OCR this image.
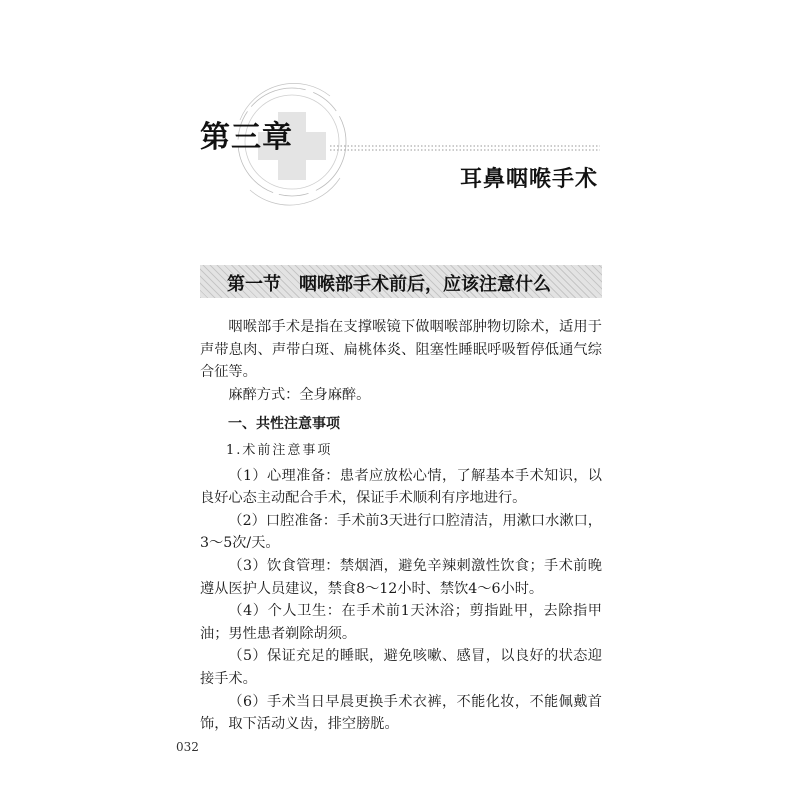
第三章
耳鼻咽喉手术
第一节　咽喉部手术前后，应该注意什么

咽喉部手术是指在支撑喉镜下做咽喉部肿物切除术，适用于声带息肉、声带白斑、扁桃体炎、阻塞性睡眠呼吸暂停低通气综合征等。

麻醉方式：全身麻醉。

一、共性注意事项

1.术前注意事项

（1）心理准备：患者应放松心情，了解基本手术知识，以良好心态主动配合手术，保证手术顺利有序地进行。

（2）口腔准备：手术前3天进行口腔清洁，用漱口水漱口，3～5次/天。

（3）饮食管理：禁烟酒，避免辛辣刺激性饮食；手术前晚遵从医护人员建议，禁食8～12小时、禁饮4～6小时。

（4）个人卫生：在手术前1天沐浴；剪指趾甲，去除指甲油；男性患者剃除胡须。

（5）保证充足的睡眠，避免咳嗽、感冒，以良好的状态迎接手术。

（6）手术当日早晨更换手术衣裤，不能化妆，不能佩戴首饰，取下活动义齿，排空膀胱。

032
